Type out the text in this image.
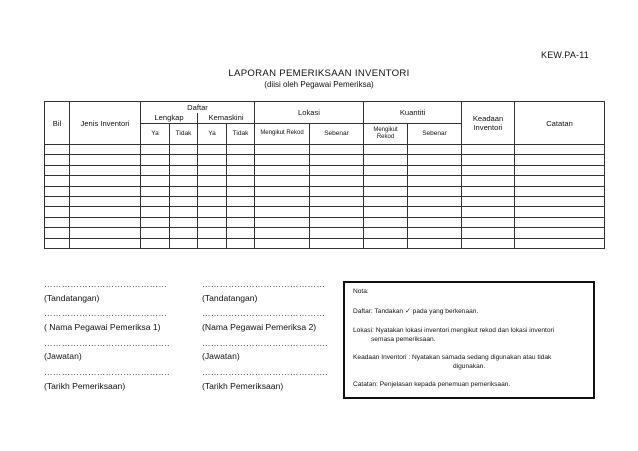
KEW.PA-11
LAPORAN PEMERIKSAAN INVENTORI
(diisi oleh Pegawai Pemeriksa)
Bil	Jenis Inventori	Daftar				Lokasi		Kuantiti		Keadaan Inventori	Catatan
		Lengkap		Kemaskini							
		Ya	Tidak	Ya	Tidak	Mengikut Rekod	Sebenar	Mengikut Rekod	Sebenar		

……………………………………
(Tandatangan)
……………………………………
( Nama Pegawai Pemeriksa 1)
…………………………………….
(Jawatan)
…………………………………….
(Tarikh Pemeriksaan)
……………………………………
(Tandatangan)
……………………………………
(Nama Pegawai Pemeriksa 2)
…………………………………….
(Jawatan)
…………………………………….
(Tarikh Pemeriksaan)
Nota:
Daftar: Tandakan ✓ pada yang berkenaan.
Lokasi: Nyatakan lokasi inventori mengikut rekod dan lokasi inventori
semasa pemeriksaan.
Keadaan Inventori : Nyatakan samada sedang digunakan atau tidak
digunakan.
Catatan: Penjelasan kepada penemuan pemeriksaan.
